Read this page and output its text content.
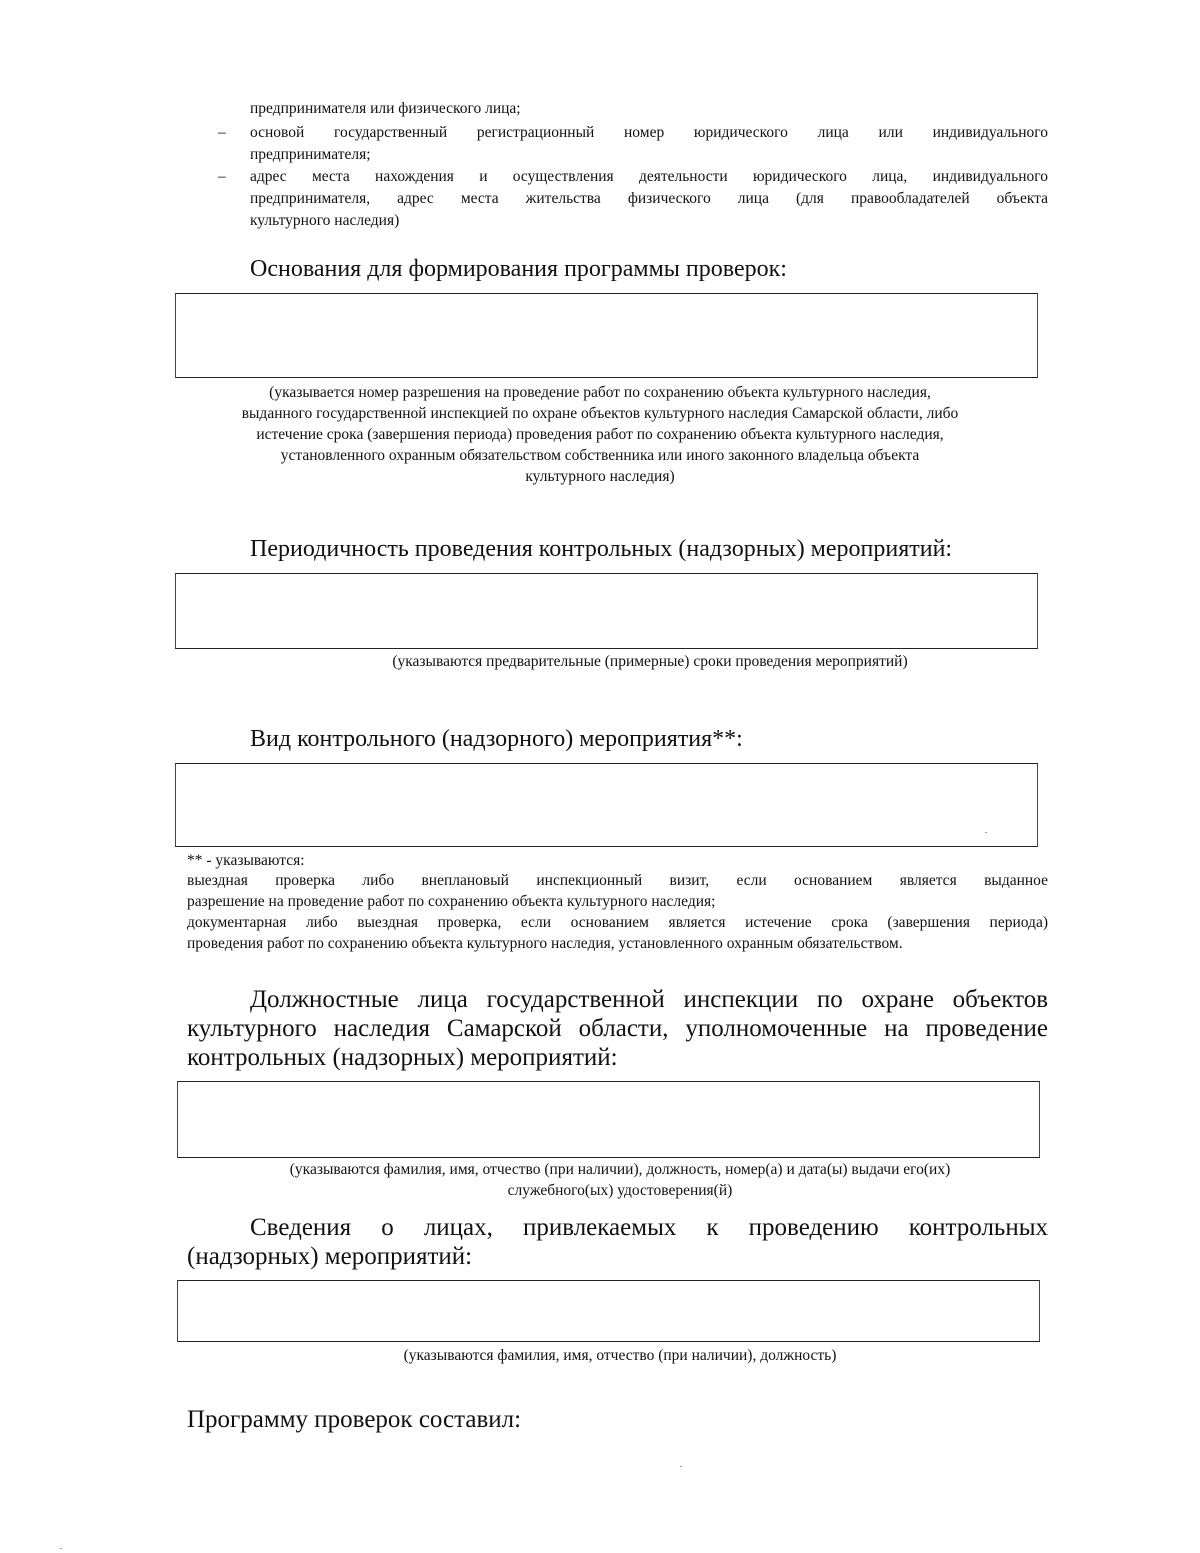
предпринимателя или физического лица;
– основой государственный регистрационный номер юридического лица или индивидуального
предпринимателя;
– адрес места нахождения и осуществления деятельности юридического лица, индивидуального
предпринимателя, адрес места жительства физического лица (для правообладателей объекта
культурного наследия)
Основания для формирования программы проверок:
(указывается номер разрешения на проведение работ по сохранению объекта культурного наследия,
выданного государственной инспекцией по охране объектов культурного наследия Самарской области, либо
истечение срока (завершения периода) проведения работ по сохранению объекта культурного наследия,
установленного охранным обязательством собственника или иного законного владельца объекта
культурного наследия)
Периодичность проведения контрольных (надзорных) мероприятий:
(указываются предварительные (примерные) сроки проведения мероприятий)
Вид контрольного (надзорного) мероприятия**:
** - указываются:
выездная проверка либо внеплановый инспекционный визит, если основанием является выданное
разрешение на проведение работ по сохранению объекта культурного наследия;
документарная либо выездная проверка, если основанием является истечение срока (завершения периода)
проведения работ по сохранению объекта культурного наследия, установленного охранным обязательством.
Должностные лица государственной инспекции по охране объектов
культурного наследия Самарской области, уполномоченные на проведение
контрольных (надзорных) мероприятий:
(указываются фамилия, имя, отчество (при наличии), должность, номер(а) и дата(ы) выдачи его(их)
служебного(ых) удостоверения(й)
Сведения о лицах, привлекаемых к проведению контрольных
(надзорных) мероприятий:
(указываются фамилия, имя, отчество (при наличии), должность)
Программу проверок составил:
